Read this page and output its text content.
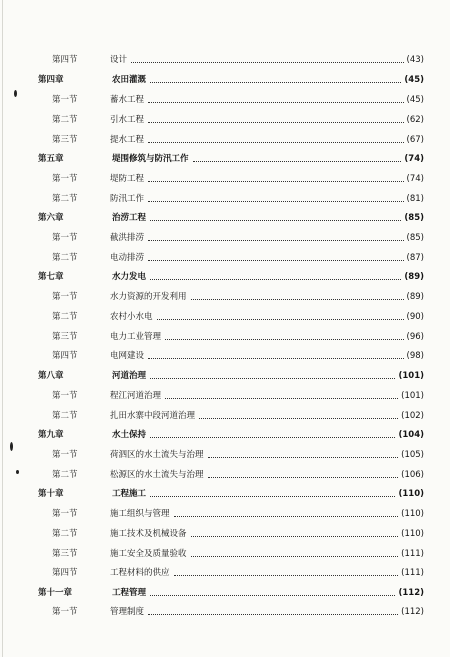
第四节	设计	(43)
第四章	农田灌溉	(45)
第一节	蓄水工程	(45)
第二节	引水工程	(62)
第三节	提水工程	(67)
第五章	堤围修筑与防汛工作	(74)
第一节	堤防工程	(74)
第二节	防汛工作	(81)
第六章	治涝工程	(85)
第一节	截洪排涝	(85)
第二节	电动排涝	(87)
第七章	水力发电	(89)
第一节	水力资源的开发利用	(89)
第二节	农村小水电	(90)
第三节	电力工业管理	(96)
第四节	电网建设	(98)
第八章	河道治理	(101)
第一节	程江河道治理	(101)
第二节	扎田水寨中段河道治理	(102)
第九章	水土保持	(104)
第一节	荷泗区的水土流失与治理	(105)
第二节	松源区的水土流失与治理	(106)
第十章	工程施工	(110)
第一节	施工组织与管理	(110)
第二节	施工技术及机械设备	(110)
第三节	施工安全及质量验收	(111)
第四节	工程材料的供应	(111)
第十一章	工程管理	(112)
第一节	管理制度	(112)
